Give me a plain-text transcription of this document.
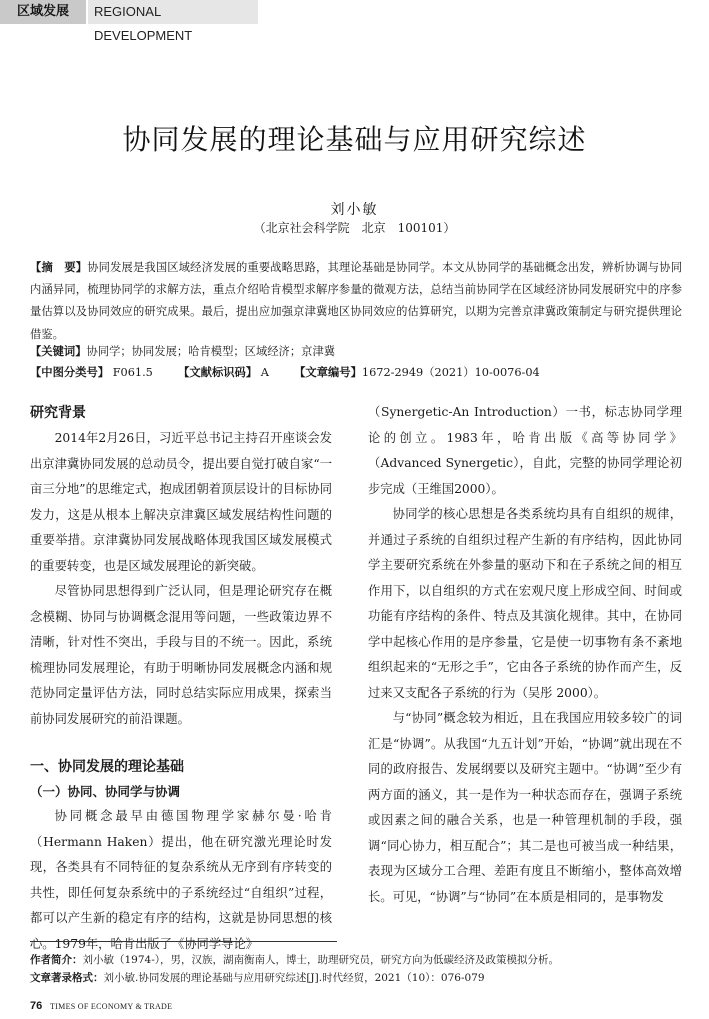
区域发展	REGIONAL DEVELOPMENT
协同发展的理论基础与应用研究综述
刘小敏
（北京社会科学院　北京　100101）
【摘　要】协同发展是我国区域经济发展的重要战略思路，其理论基础是协同学。本文从协同学的基础概念出发，辨析协调与协同内涵异同，梳理协同学的求解方法，重点介绍哈肯模型求解序参量的微观方法，总结当前协同学在区域经济协同发展研究中的序参量估算以及协同效应的研究成果。最后，提出应加强京津冀地区协同效应的估算研究，以期为完善京津冀政策制定与研究提供理论借鉴。
【关键词】协同学；协同发展；哈肯模型；区域经济；京津冀
【中图分类号】 F061.5 【文献标识码】 A 【文章编号】1672-2949（2021）10-0076-04
研究背景

2014年2月26日，习近平总书记主持召开座谈会发出京津冀协同发展的总动员令，提出要自觉打破自家“一亩三分地”的思维定式，抱成团朝着顶层设计的目标协同发力，这是从根本上解决京津冀区域发展结构性问题的重要举措。京津冀协同发展战略体现我国区域发展模式的重要转变，也是区域发展理论的新突破。

尽管协同思想得到广泛认同，但是理论研究存在概念模糊、协同与协调概念混用等问题，一些政策边界不清晰，针对性不突出，手段与目的不统一。因此，系统梳理协同发展理论，有助于明晰协同发展概念内涵和规范协同定量评估方法，同时总结实际应用成果，探索当前协同发展研究的前沿课题。

一、协同发展的理论基础
（一）协同、协同学与协调

协同概念最早由德国物理学家赫尔曼·哈肯（Hermann Haken）提出，他在研究激光理论时发现，各类具有不同特征的复杂系统从无序到有序转变的共性，即任何复杂系统中的子系统经过“自组织”过程，都可以产生新的稳定有序的结构，这就是协同思想的核心。1979年，哈肯出版了《协同学导论》

（Synergetic-An Introduction）一书，标志协同学理论的创立。1983年，哈肯出版《高等协同学》（Advanced Synergetic），自此，完整的协同学理论初步完成（王维国2000）。

协同学的核心思想是各类系统均具有自组织的规律，并通过子系统的自组织过程产生新的有序结构，因此协同学主要研究系统在外参量的驱动下和在子系统之间的相互作用下，以自组织的方式在宏观尺度上形成空间、时间或功能有序结构的条件、特点及其演化规律。其中，在协同学中起核心作用的是序参量，它是使一切事物有条不紊地组织起来的“无形之手”，它由各子系统的协作而产生，反过来又支配各子系统的行为（吴彤 2000）。

与“协同”概念较为相近，且在我国应用较多较广的词汇是“协调”。从我国“九五计划”开始，“协调”就出现在不同的政府报告、发展纲要以及研究主题中。“协调”至少有两方面的涵义，其一是作为一种状态而存在，强调子系统或因素之间的融合关系，也是一种管理机制的手段，强调“同心协力，相互配合”；其二是也可被当成一种结果，表现为区域分工合理、差距有度且不断缩小，整体高效增长。可见，“协调”与“协同”在本质是相同的，是事物发

作者简介：刘小敏（1974-），男，汉族，湖南衡南人，博士，助理研究员，研究方向为低碳经济及政策模拟分析。
文章著录格式：刘小敏.协同发展的理论基础与应用研究综述[J].时代经贸，2021（10）：076-079
76 TIMES OF ECONOMY & TRADE
